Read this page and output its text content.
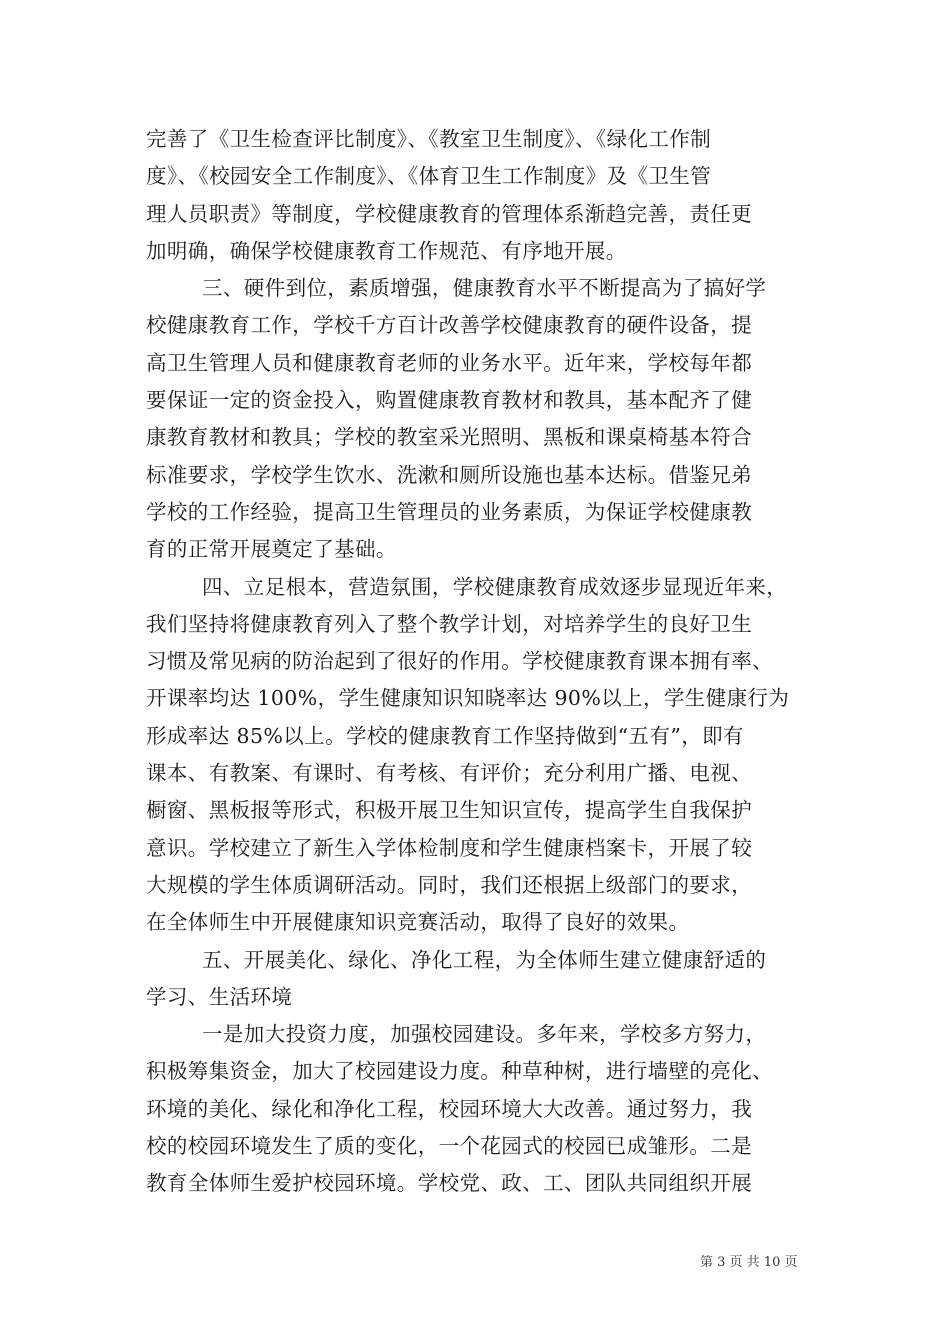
完善了《卫生检查评比制度》、《教室卫生制度》、《绿化工作制
度》、《校园安全工作制度》、《体育卫生工作制度》及《卫生管
理人员职责》等制度，学校健康教育的管理体系渐趋完善，责任更
加明确，确保学校健康教育工作规范、有序地开展。
三、硬件到位，素质增强，健康教育水平不断提高为了搞好学
校健康教育工作，学校千方百计改善学校健康教育的硬件设备，提
高卫生管理人员和健康教育老师的业务水平。近年来，学校每年都
要保证一定的资金投入，购置健康教育教材和教具，基本配齐了健
康教育教材和教具；学校的教室采光照明、黑板和课桌椅基本符合
标准要求，学校学生饮水、洗漱和厕所设施也基本达标。借鉴兄弟
学校的工作经验，提高卫生管理员的业务素质，为保证学校健康教
育的正常开展奠定了基础。
四、立足根本，营造氛围，学校健康教育成效逐步显现近年来，
我们坚持将健康教育列入了整个教学计划，对培养学生的良好卫生
习惯及常见病的防治起到了很好的作用。学校健康教育课本拥有率、
开课率均达 100%，学生健康知识知晓率达 90%以上，学生健康行为
形成率达 85%以上。学校的健康教育工作坚持做到“五有”，即有
课本、有教案、有课时、有考核、有评价；充分利用广播、电视、
橱窗、黑板报等形式，积极开展卫生知识宣传，提高学生自我保护
意识。学校建立了新生入学体检制度和学生健康档案卡，开展了较
大规模的学生体质调研活动。同时，我们还根据上级部门的要求，
在全体师生中开展健康知识竞赛活动，取得了良好的效果。
五、开展美化、绿化、净化工程，为全体师生建立健康舒适的
学习、生活环境
一是加大投资力度，加强校园建设。多年来，学校多方努力，
积极筹集资金，加大了校园建设力度。种草种树，进行墙壁的亮化、
环境的美化、绿化和净化工程，校园环境大大改善。通过努力，我
校的校园环境发生了质的变化，一个花园式的校园已成雏形。二是
教育全体师生爱护校园环境。学校党、政、工、团队共同组织开展
第 3 页 共 10 页
